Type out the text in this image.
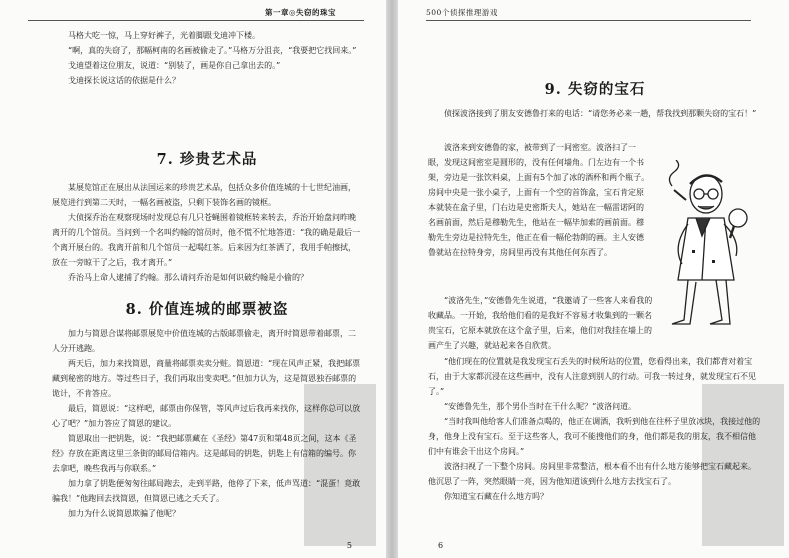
第一章◎失窃的珠宝

马格大吃一惊，马上穿好裤子，光着脚跟戈迪冲下楼。

“啊，真的失窃了，那幅柯南的名画被偷走了。”马格万分沮丧，“我要把它找回来。”

戈迪望着这位朋友，说道：“别装了，画是你自己拿出去的。”

戈迪探长说这话的依据是什么？

7. 珍贵艺术品

某展览馆正在展出从法国运来的珍贵艺术品，包括众多价值连城的十七世纪油画，展览进行到第二天时，一幅名画被盗，只剩下装饰名画的镜框。

大侦探乔治在观察现场时发现总有几只苍蝇围着镜框转来转去，乔治开始盘问昨晚离开的几个馆员。当问到一个名叫约翰的馆员时，他不慌不忙地答道：“我的确是最后一个离开展台的。我离开前和几个馆员一起喝红茶。后来因为红茶洒了，我用手帕擦拭，放在一旁晾干了之后，我才离开。”

乔治马上命人逮捕了约翰。那么请问乔治是如何识破约翰是小偷的？

8. 价值连城的邮票被盗

加力与简恩合谋将邮票展览中价值连城的古版邮票偷走，离开时简恩带着邮票，二人分开逃跑。

两天后，加力来找简恩，商量将邮票卖卖分赃。简恩道：“现在风声正紧，我把邮票藏到秘密的地方。等过些日子，我们再取出变卖吧。”但加力认为，这是简恩独吞邮票的诡计，不肯答应。

最后，简恩说：“这样吧，邮票由你保管，等风声过后我再来找你，这样你总可以放心了吧？”加力答应了简恩的建议。

简恩取出一把钥匙，说：“我把邮票藏在《圣经》第47页和第48页之间，这本《圣经》存放在距离这里三条街的邮局信箱内。这是邮局的钥匙，钥匙上有信箱的编号。你去拿吧，晚些我再与你联系。”

加力拿了钥匙便匆匆往邮局跑去，走到半路，他停了下来，低声骂道：“混蛋！竟敢骗我！”他跑回去找简恩，但简恩已逃之夭夭了。

加力为什么说简恩欺骗了他呢？

5
500个侦探推理游戏
9. 失窃的宝石

侦探波洛接到了朋友安德鲁打来的电话：“请您务必来一趟，帮我找到那颗失窃的宝石！”

波洛来到安德鲁的家，被带到了一间密室。波洛扫了一眼，发现这间密室是圆形的，没有任何墙角。门左边有一个书架，旁边是一张饮料桌，上面有5个加了冰的酒杯和两个瓶子。房间中央是一张小桌子，上面有一个空的首饰盒，宝石肯定原本就装在盒子里，门右边是史密斯夫人，她站在一幅雷诺阿的名画前面，然后是穆勒先生，他站在一幅毕加索的画前面。穆勒先生旁边是拉特先生，他正在看一幅伦勃朗的画。主人安德鲁就站在拉特身旁，房间里再没有其他任何东西了。

“波洛先生，”安德鲁先生说道，“我邀请了一些客人来看我的收藏品。一开始，我给他们看的是我好不容易才收集到的一颗名贵宝石，它原本就放在这个盒子里，后来，他们对我挂在墙上的画产生了兴趣，就站起来各自欣赏。

“他们现在的位置就是我发现宝石丢失的时候所站的位置，您看得出来，我们都背对着宝石，由于大家都沉浸在这些画中，没有人注意到别人的行动。可我一转过身，就发现宝石不见了。”

“安德鲁先生，那个男仆当时在干什么呢？”波洛问道。

“当时我叫他给客人们准备点喝的，他正在调酒，我听到他在往杯子里放冰块，我接过他的身，他身上没有宝石。至于这些客人，我可不能搜他们的身，他们都是我的朋友，我不相信他们中有谁会干出这个房间。”

波洛扫视了一下整个房间。房间里非常整洁，根本看不出有什么地方能够把宝石藏起来。他沉思了一阵，突然眼睛一亮，因为他知道该到什么地方去找宝石了。

你知道宝石藏在什么地方吗？

6
